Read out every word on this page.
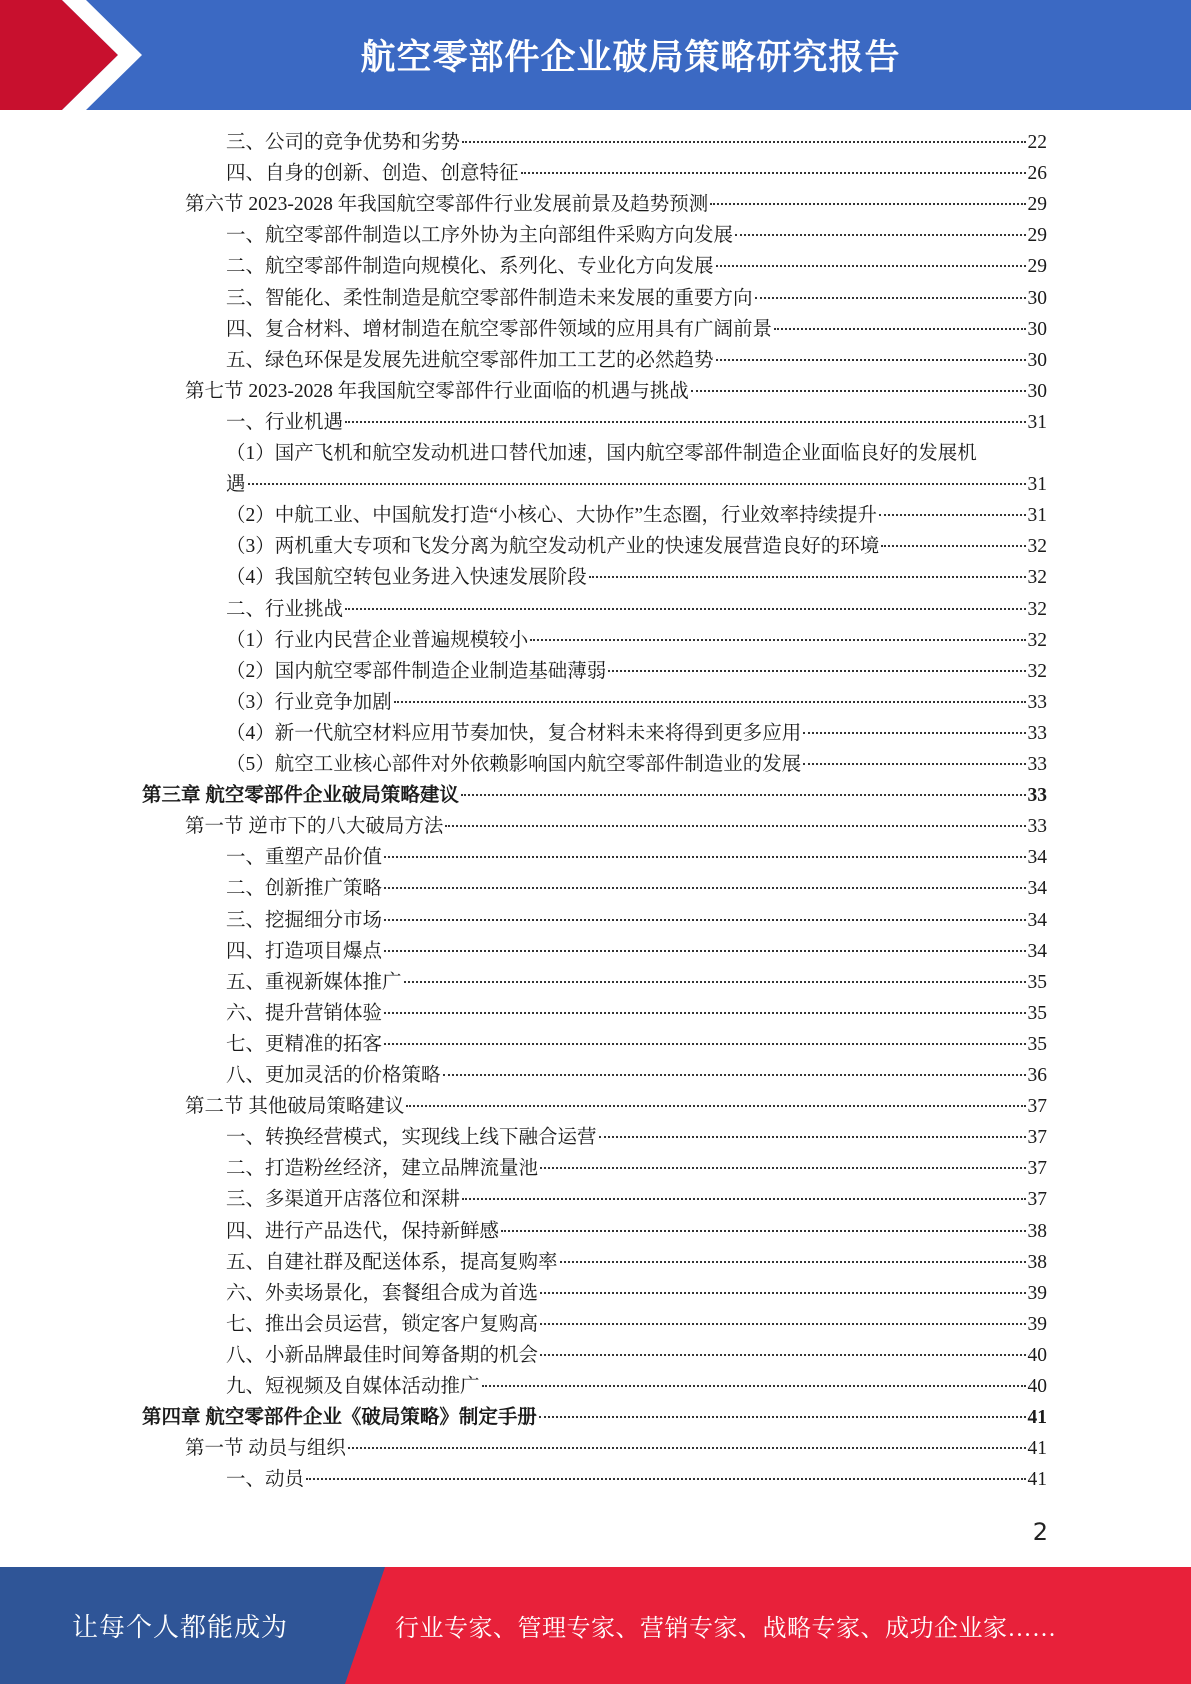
航空零部件企业破局策略研究报告
三、公司的竞争优势和劣势	22
四、自身的创新、创造、创意特征	26
第六节 2023-2028 年我国航空零部件行业发展前景及趋势预测	29
一、航空零部件制造以工序外协为主向部组件采购方向发展	29
二、航空零部件制造向规模化、系列化、专业化方向发展	29
三、智能化、柔性制造是航空零部件制造未来发展的重要方向	30
四、复合材料、增材制造在航空零部件领域的应用具有广阔前景	30
五、绿色环保是发展先进航空零部件加工工艺的必然趋势	30
第七节 2023-2028 年我国航空零部件行业面临的机遇与挑战	30
一、行业机遇	31
（1）国产飞机和航空发动机进口替代加速，国内航空零部件制造企业面临良好的发展机
遇	31
（2）中航工业、中国航发打造“小核心、大协作”生态圈，行业效率持续提升	31
（3）两机重大专项和飞发分离为航空发动机产业的快速发展营造良好的环境	32
（4）我国航空转包业务进入快速发展阶段	32
二、行业挑战	32
（1）行业内民营企业普遍规模较小	32
（2）国内航空零部件制造企业制造基础薄弱	32
（3）行业竞争加剧	33
（4）新一代航空材料应用节奏加快，复合材料未来将得到更多应用	33
（5）航空工业核心部件对外依赖影响国内航空零部件制造业的发展	33
第三章 航空零部件企业破局策略建议	33
第一节 逆市下的八大破局方法	33
一、重塑产品价值	34
二、创新推广策略	34
三、挖掘细分市场	34
四、打造项目爆点	34
五、重视新媒体推广	35
六、提升营销体验	35
七、更精准的拓客	35
八、更加灵活的价格策略	36
第二节 其他破局策略建议	37
一、转换经营模式，实现线上线下融合运营	37
二、打造粉丝经济，建立品牌流量池	37
三、多渠道开店落位和深耕	37
四、进行产品迭代，保持新鲜感	38
五、自建社群及配送体系，提高复购率	38
六、外卖场景化，套餐组合成为首选	39
七、推出会员运营，锁定客户复购高	39
八、小新品牌最佳时间筹备期的机会	40
九、短视频及自媒体活动推广	40
第四章 航空零部件企业《破局策略》制定手册	41
第一节 动员与组织	41
一、动员	41
2
让每个人都能成为	行业专家、管理专家、营销专家、战略专家、成功企业家……
